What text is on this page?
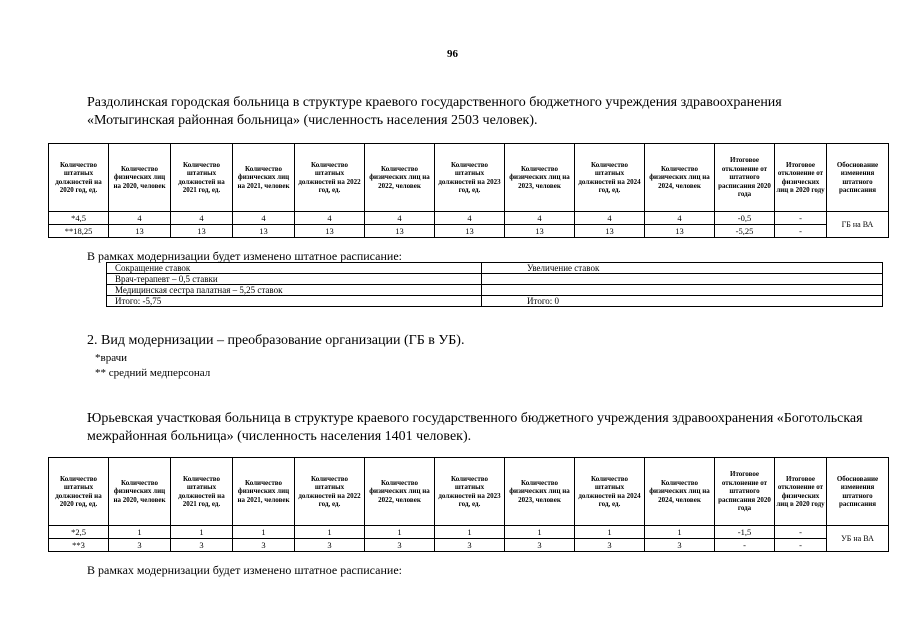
96
Раздолинская городская больница в структуре краевого государственного бюджетного учреждения здравоохранения «Мотыгинская районная больница» (численность населения 2503 человек).
Количество штатных должностей на 2020 год, ед.	Количество физических лиц на 2020, человек	Количество штатных должностей на 2021 год, ед.	Количество физических лиц на 2021, человек	Количество штатных должностей на 2022 год, ед.	Количество физических лиц на 2022, человек	Количество штатных должностей на 2023 год, ед.	Количество физических лиц на 2023, человек	Количество штатных должностей на 2024 год, ед.	Количество физических лиц на 2024, человек	Итоговое отклонение от штатного расписания 2020 года	Итоговое отклонение от физических лиц в 2020 году	Обоснование изменения штатного расписания
*4,5	4	4	4	4	4	4	4	4	4	-0,5	-	ГБ на ВА
**18,25	13	13	13	13	13	13	13	13	13	-5,25	-	
В рамках модернизации будет изменено штатное расписание:
Сокращение ставок	Увеличение ставок
Врач-терапевт – 0,5 ставки	
Медицинская сестра палатная – 5,25 ставок	
Итого: -5,75	Итого: 0
2. Вид модернизации – преобразование организации (ГБ в УБ).
*врачи
** средний медперсонал
Юрьевская участковая больница в структуре краевого государственного бюджетного учреждения здравоохранения «Боготольская межрайонная больница» (численность населения 1401 человек).
Количество штатных должностей на 2020 год, ед.	Количество физических лиц на 2020, человек	Количество штатных должностей на 2021 год, ед.	Количество физических лиц на 2021, человек	Количество штатных должностей на 2022 год, ед.	Количество физических лиц на 2022, человек	Количество штатных должностей на 2023 год, ед.	Количество физических лиц на 2023, человек	Количество штатных должностей на 2024 год, ед.	Количество физических лиц на 2024, человек	Итоговое отклонение от штатного расписания 2020 года	Итоговое отклонение от физических лиц в 2020 году	Обоснование изменения штатного расписания
*2,5	1	1	1	1	1	1	1	1	1	-1,5	-	УБ на ВА
**3	3	3	3	3	3	3	3	3	3	-	-	
В рамках модернизации будет изменено штатное расписание:
